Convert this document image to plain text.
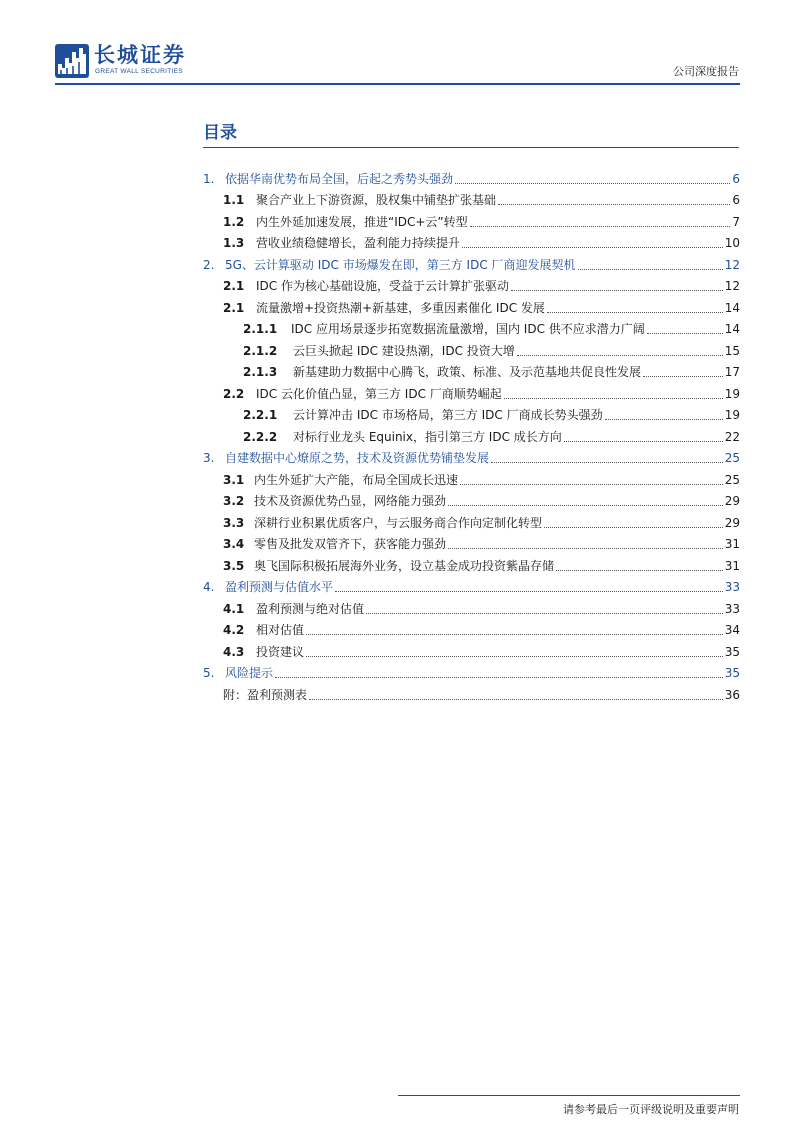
长城证券
GREAT WALL SECURITIES	公司深度报告
目录
1. 依据华南优势布局全国，后起之秀势头强劲	6
1.1 聚合产业上下游资源，股权集中铺垫扩张基础	6
1.2 内生外延加速发展，推进“IDC+云”转型	7
1.3 营收业绩稳健增长，盈利能力持续提升	10
2. 5G、云计算驱动 IDC 市场爆发在即，第三方 IDC 厂商迎发展契机	12
2.1 IDC 作为核心基础设施，受益于云计算扩张驱动	12
2.1 流量激增+投资热潮+新基建，多重因素催化 IDC 发展	14
2.1.1	IDC 应用场景逐步拓宽数据流量激增，国内 IDC 供不应求潜力广阔	14
2.1.2	云巨头掀起 IDC 建设热潮，IDC 投资大增	15
2.1.3	新基建助力数据中心腾飞，政策、标准、及示范基地共促良性发展	17
2.2 IDC 云化价值凸显，第三方 IDC 厂商顺势崛起	19
2.2.1	云计算冲击 IDC 市场格局，第三方 IDC 厂商成长势头强劲	19
2.2.2	对标行业龙头 Equinix，指引第三方 IDC 成长方向	22
3. 自建数据中心燎原之势，技术及资源优势铺垫发展	25
3.1 内生外延扩大产能，布局全国成长迅速	25
3.2 技术及资源优势凸显，网络能力强劲	29
3.3 深耕行业积累优质客户，与云服务商合作向定制化转型	29
3.4 零售及批发双管齐下，获客能力强劲	31
3.5 奥飞国际积极拓展海外业务，设立基金成功投资紫晶存储	31
4. 盈利预测与估值水平	33
4.1 盈利预测与绝对估值	33
4.2 相对估值	34
4.3 投资建议	35
5. 风险提示	35
附：盈利预测表	36
请参考最后一页评级说明及重要声明
